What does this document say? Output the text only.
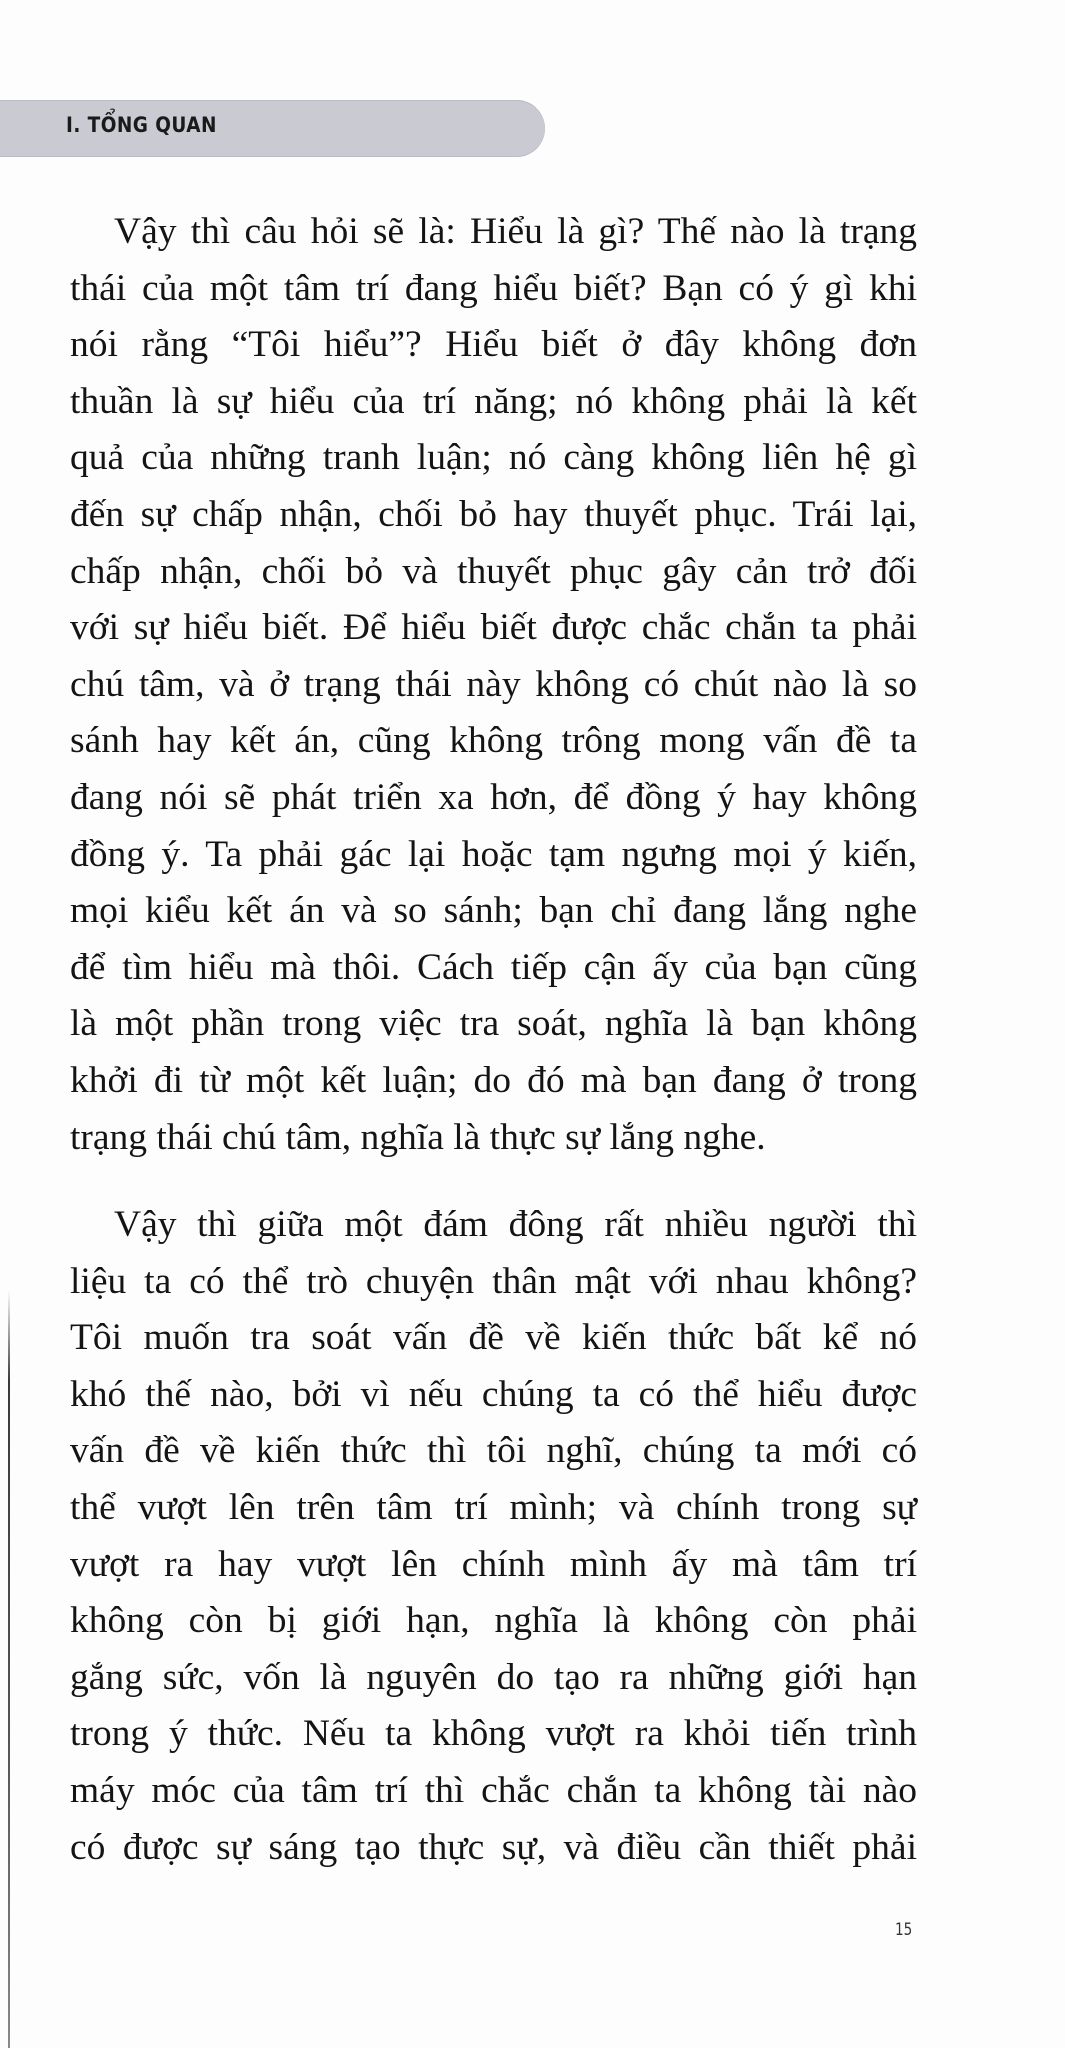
I. TỔNG QUAN
Vậy thì câu hỏi sẽ là: Hiểu là gì? Thế nào là trạng
thái của một tâm trí đang hiểu biết? Bạn có ý gì khi
nói rằng “Tôi hiểu”? Hiểu biết ở đây không đơn
thuần là sự hiểu của trí năng; nó không phải là kết
quả của những tranh luận; nó càng không liên hệ gì
đến sự chấp nhận, chối bỏ hay thuyết phục. Trái lại,
chấp nhận, chối bỏ và thuyết phục gây cản trở đối
với sự hiểu biết. Để hiểu biết được chắc chắn ta phải
chú tâm, và ở trạng thái này không có chút nào là so
sánh hay kết án, cũng không trông mong vấn đề ta
đang nói sẽ phát triển xa hơn, để đồng ý hay không
đồng ý. Ta phải gác lại hoặc tạm ngưng mọi ý kiến,
mọi kiểu kết án và so sánh; bạn chỉ đang lắng nghe
để tìm hiểu mà thôi. Cách tiếp cận ấy của bạn cũng
là một phần trong việc tra soát, nghĩa là bạn không
khởi đi từ một kết luận; do đó mà bạn đang ở trong
trạng thái chú tâm, nghĩa là thực sự lắng nghe.
Vậy thì giữa một đám đông rất nhiều người thì
liệu ta có thể trò chuyện thân mật với nhau không?
Tôi muốn tra soát vấn đề về kiến thức bất kể nó
khó thế nào, bởi vì nếu chúng ta có thể hiểu được
vấn đề về kiến thức thì tôi nghĩ, chúng ta mới có
thể vượt lên trên tâm trí mình; và chính trong sự
vượt ra hay vượt lên chính mình ấy mà tâm trí
không còn bị giới hạn, nghĩa là không còn phải
gắng sức, vốn là nguyên do tạo ra những giới hạn
trong ý thức. Nếu ta không vượt ra khỏi tiến trình
máy móc của tâm trí thì chắc chắn ta không tài nào
có được sự sáng tạo thực sự, và điều cần thiết phải
15
